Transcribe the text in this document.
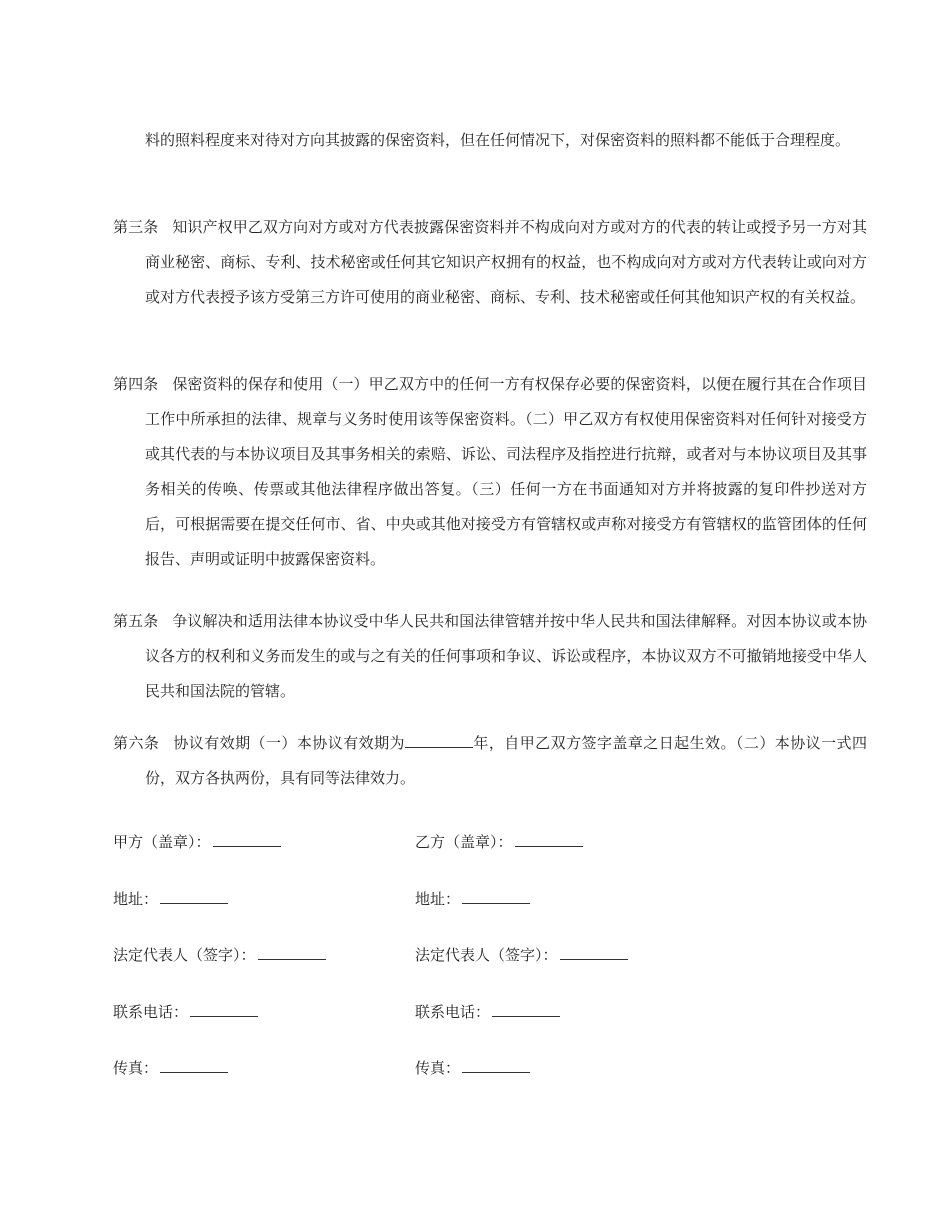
料的照料程度来对待对方向其披露的保密资料，但在任何情况下，对保密资料的照料都不能低于合理程度。

第三条 知识产权甲乙双方向对方或对方代表披露保密资料并不构成向对方或对方的代表的转让或授予另一方对其商业秘密、商标、专利、技术秘密或任何其它知识产权拥有的权益，也不构成向对方或对方代表转让或向对方或对方代表授予该方受第三方许可使用的商业秘密、商标、专利、技术秘密或任何其他知识产权的有关权益。

第四条 保密资料的保存和使用（一）甲乙双方中的任何一方有权保存必要的保密资料，以便在履行其在合作项目工作中所承担的法律、规章与义务时使用该等保密资料。（二）甲乙双方有权使用保密资料对任何针对接受方或其代表的与本协议项目及其事务相关的索赔、诉讼、司法程序及指控进行抗辩，或者对与本协议项目及其事务相关的传唤、传票或其他法律程序做出答复。（三）任何一方在书面通知对方并将披露的复印件抄送对方后，可根据需要在提交任何市、省、中央或其他对接受方有管辖权或声称对接受方有管辖权的监管团体的任何报告、声明或证明中披露保密资料。

第五条 争议解决和适用法律本协议受中华人民共和国法律管辖并按中华人民共和国法律解释。对因本协议或本协议各方的权利和义务而发生的或与之有关的任何事项和争议、诉讼或程序，本协议双方不可撤销地接受中华人民共和国法院的管辖。

第六条 协议有效期（一）本协议有效期为	年，自甲乙双方签字盖章之日起生效。（二）本协议一式四份，双方各执两份，具有同等法律效力。

甲方（盖章）：	乙方（盖章）：
地址：	地址：
法定代表人（签字）：	法定代表人（签字）：
联系电话：	联系电话：
传真：	传真：
